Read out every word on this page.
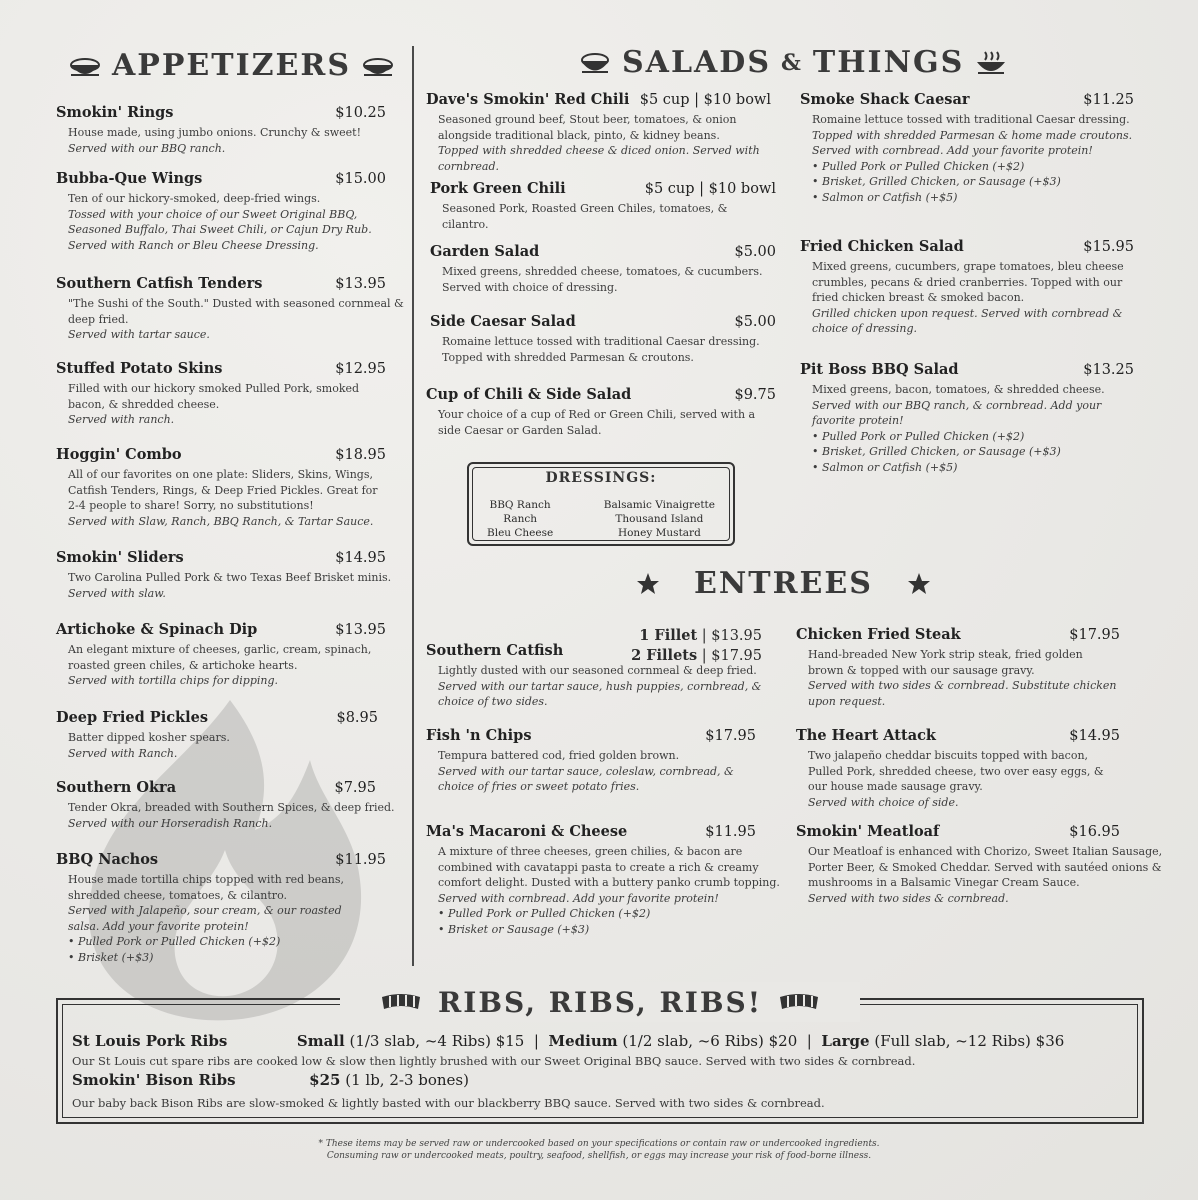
APPETIZERS	SALADS & THINGS
ENTREES
Smokin' Rings	$10.25
House made, using jumbo onions. Crunchy & sweet!
Served with our BBQ ranch.
Bubba-Que Wings	$15.00
Ten of our hickory-smoked, deep-fried wings.
Tossed with your choice of our Sweet Original BBQ, Seasoned Buffalo, Thai Sweet Chili, or Cajun Dry Rub. Served with Ranch or Bleu Cheese Dressing.
Southern Catfish Tenders	$13.95
"The Sushi of the South." Dusted with seasoned cornmeal & deep fried.
Served with tartar sauce.
Stuffed Potato Skins	$12.95
Filled with our hickory smoked Pulled Pork, smoked bacon, & shredded cheese.
Served with ranch.
Hoggin' Combo	$18.95
All of our favorites on one plate: Sliders, Skins, Wings, Catfish Tenders, Rings, & Deep Fried Pickles. Great for 2-4 people to share! Sorry, no substitutions!
Served with Slaw, Ranch, BBQ Ranch, & Tartar Sauce.
Smokin' Sliders	$14.95
Two Carolina Pulled Pork & two Texas Beef Brisket minis.
Served with slaw.
Artichoke & Spinach Dip	$13.95
An elegant mixture of cheeses, garlic, cream, spinach, roasted green chiles, & artichoke hearts.
Served with tortilla chips for dipping.
Deep Fried Pickles	$8.95
Batter dipped kosher spears.
Served with Ranch.
Southern Okra	$7.95
Tender Okra, breaded with Southern Spices, & deep fried.
Served with our Horseradish Ranch.
BBQ Nachos	$11.95
House made tortilla chips topped with red beans, shredded cheese, tomatoes, & cilantro.
Served with Jalapeño, sour cream, & our roasted salsa. Add your favorite protein!
• Pulled Pork or Pulled Chicken (+$2)
• Brisket (+$3)
Dave's Smokin' Red Chili $5 cup | $10 bowl
Seasoned ground beef, Stout beer, tomatoes, & onion alongside traditional black, pinto, & kidney beans.
Topped with shredded cheese & diced onion. Served with cornbread.
Pork Green Chili	$5 cup | $10 bowl
Seasoned Pork, Roasted Green Chiles, tomatoes, & cilantro.
Garden Salad	$5.00
Mixed greens, shredded cheese, tomatoes, & cucumbers. Served with choice of dressing.
Side Caesar Salad	$5.00
Romaine lettuce tossed with traditional Caesar dressing. Topped with shredded Parmesan & croutons.
Cup of Chili & Side Salad	$9.75
Your choice of a cup of Red or Green Chili, served with a side Caesar or Garden Salad.
DRESSINGS:
BBQ Ranch
Ranch
Bleu Cheese
Balsamic Vinaigrette
Thousand Island
Honey Mustard
Smoke Shack Caesar	$11.25
Romaine lettuce tossed with traditional Caesar dressing.
Topped with shredded Parmesan & home made croutons. Served with cornbread. Add your favorite protein!
• Pulled Pork or Pulled Chicken (+$2)
• Brisket, Grilled Chicken, or Sausage (+$3)
• Salmon or Catfish (+$5)
Fried Chicken Salad	$15.95
Mixed greens, cucumbers, grape tomatoes, bleu cheese crumbles, pecans & dried cranberries. Topped with our fried chicken breast & smoked bacon.
Grilled chicken upon request. Served with cornbread & choice of dressing.
Pit Boss BBQ Salad	$13.25
Mixed greens, bacon, tomatoes, & shredded cheese.
Served with our BBQ ranch, & cornbread. Add your favorite protein!
• Pulled Pork or Pulled Chicken (+$2)
• Brisket, Grilled Chicken, or Sausage (+$3)
• Salmon or Catfish (+$5)
1 Fillet | $13.95
2 Fillets | $17.95
Southern Catfish
Lightly dusted with our seasoned cornmeal & deep fried.
Served with our tartar sauce, hush puppies, cornbread, & choice of two sides.
Fish 'n Chips	$17.95
Tempura battered cod, fried golden brown.
Served with our tartar sauce, coleslaw, cornbread, & choice of fries or sweet potato fries.
Ma's Macaroni & Cheese	$11.95
A mixture of three cheeses, green chilies, & bacon are combined with cavatappi pasta to create a rich & creamy comfort delight. Dusted with a buttery panko crumb topping.
Served with cornbread. Add your favorite protein!
• Pulled Pork or Pulled Chicken (+$2)
• Brisket or Sausage (+$3)
Chicken Fried Steak	$17.95
Hand-breaded New York strip steak, fried golden brown & topped with our sausage gravy.
Served with two sides & cornbread. Substitute chicken upon request.
The Heart Attack	$14.95
Two jalapeño cheddar biscuits topped with bacon, Pulled Pork, shredded cheese, two over easy eggs, & our house made sausage gravy.
Served with choice of side.
Smokin' Meatloaf	$16.95
Our Meatloaf is enhanced with Chorizo, Sweet Italian Sausage, Porter Beer, & Smoked Cheddar. Served with sautéed onions & mushrooms in a Balsamic Vinegar Cream Sauce.
Served with two sides & cornbread.
RIBS, RIBS, RIBS!
St Louis Pork Ribs	Small (1/3 slab, ~4 Ribs) $15  |  Medium (1/2 slab, ~6 Ribs) $20  |  Large (Full slab, ~12 Ribs) $36
Our St Louis cut spare ribs are cooked low & slow then lightly brushed with our Sweet Original BBQ sauce. Served with two sides & cornbread.
Smokin' Bison Ribs	$25 (1 lb, 2-3 bones)
Our baby back Bison Ribs are slow-smoked & lightly basted with our blackberry BBQ sauce. Served with two sides & cornbread.
* These items may be served raw or undercooked based on your specifications or contain raw or undercooked ingredients.
Consuming raw or undercooked meats, poultry, seafood, shellfish, or eggs may increase your risk of food-borne illness.
